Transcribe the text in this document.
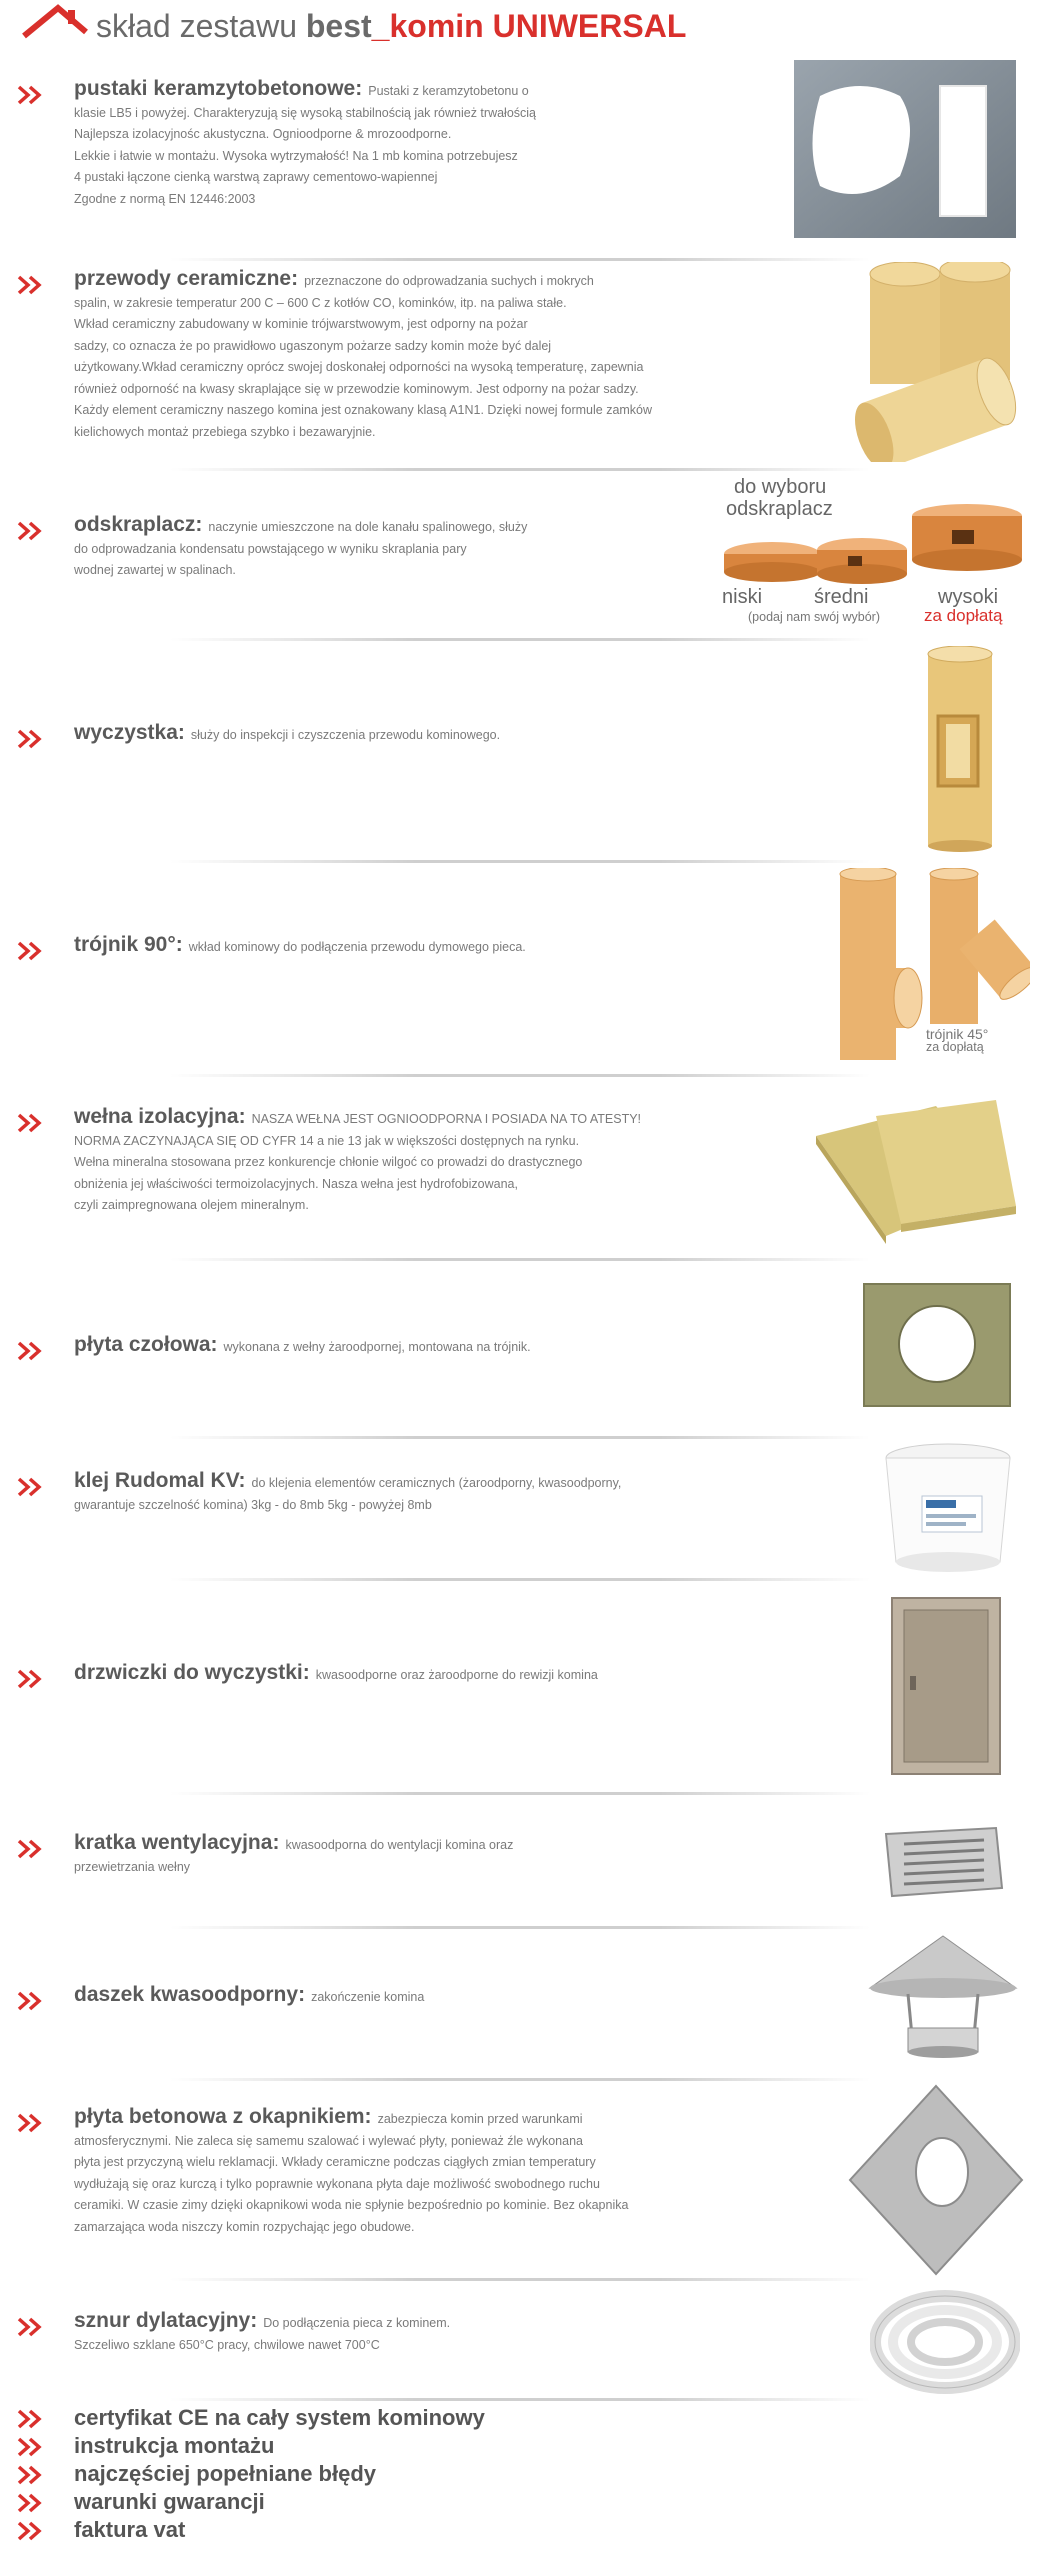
skład zestawu best_komin UNIWERSAL

pustaki keramzytobetonowe: Pustaki z keramzytobetonu o

klasie LB5 i powyżej. Charakteryzują się wysoką stabilnością jak również trwałością

Najlepsza izolacyjnośc akustyczna. Ognioodporne & mrozoodporne.

Lekkie i łatwie w montażu. Wysoka wytrzymałość! Na 1 mb komina potrzebujesz

4 pustaki łączone cienką warstwą zaprawy cementowo-wapiennej

Zgodne z normą EN 12446:2003

przewody ceramiczne: przeznaczone do odprowadzania suchych i mokrych

spalin, w zakresie temperatur 200 C – 600 C z kotłów CO, kominków, itp. na paliwa stałe.

Wkład ceramiczny zabudowany w kominie trójwarstwowym, jest odporny na pożar

sadzy, co oznacza że po prawidłowo ugaszonym pożarze sadzy komin może być dalej

użytkowany.Wkład ceramiczny oprócz swojej doskonałej odporności na wysoką temperaturę, zapewnia

również odporność na kwasy skraplające się w przewodzie kominowym. Jest odporny na pożar sadzy.

Każdy element ceramiczny naszego komina jest oznakowany klasą A1N1. Dzięki nowej formule zamków

kielichowych montaż przebiega szybko i bezawaryjnie.

odskraplacz: naczynie umieszczone na dole kanału spalinowego, służy

do odprowadzania kondensatu powstającego w wyniku skraplania pary

wodnej zawartej w spalinach.

do wyboru
odskraplacz
niski	średni	wysoki
(podaj nam swój wybór)	za dopłatą

wyczystka: służy do inspekcji i czyszczenia przewodu kominowego.

trójnik 90°: wkład kominowy do podłączenia przewodu dymowego pieca.

trójnik 45°
za dopłatą

wełna izolacyjna: NASZA WEŁNA JEST OGNIOODPORNA I POSIADA NA TO ATESTY!

NORMA ZACZYNAJĄCA SIĘ OD CYFR 14 a nie 13 jak w większości dostępnych na rynku.

Wełna mineralna stosowana przez konkurencje chłonie wilgoć co prowadzi do drastycznego

obniżenia jej właściwości termoizolacyjnych. Nasza wełna jest hydrofobizowana,

czyli zaimpregnowana olejem mineralnym.

płyta czołowa: wykonana z wełny żaroodpornej, montowana na trójnik.

klej Rudomal KV: do klejenia elementów ceramicznych (żaroodporny, kwasoodporny,

gwarantuje szczelność komina) 3kg - do 8mb 5kg - powyżej 8mb

drzwiczki do wyczystki: kwasoodporne oraz żaroodporne do rewizji komina

kratka wentylacyjna: kwasoodporna do wentylacji komina oraz

przewietrzania wełny

daszek kwasoodporny: zakończenie komina

płyta betonowa z okapnikiem: zabezpiecza komin przed warunkami

atmosferycznymi. Nie zaleca się samemu szalować i wylewać płyty, ponieważ źle wykonana

płyta jest przyczyną wielu reklamacji. Wkłady ceramiczne podczas ciągłych zmian temperatury

wydłużają się oraz kurczą i tylko poprawnie wykonana płyta daje możliwość swobodnego ruchu

ceramiki. W czasie zimy dzięki okapnikowi woda nie spłynie bezpośrednio po kominie. Bez okapnika

zamarzająca woda niszczy komin rozpychając jego obudowe.

sznur dylatacyjny: Do podłączenia pieca z kominem.

Szczeliwo szklane 650°C pracy, chwilowe nawet 700°C

certyfikat CE na cały system kominowy
instrukcja montażu
najczęściej popełniane błędy
warunki gwarancji
faktura vat
